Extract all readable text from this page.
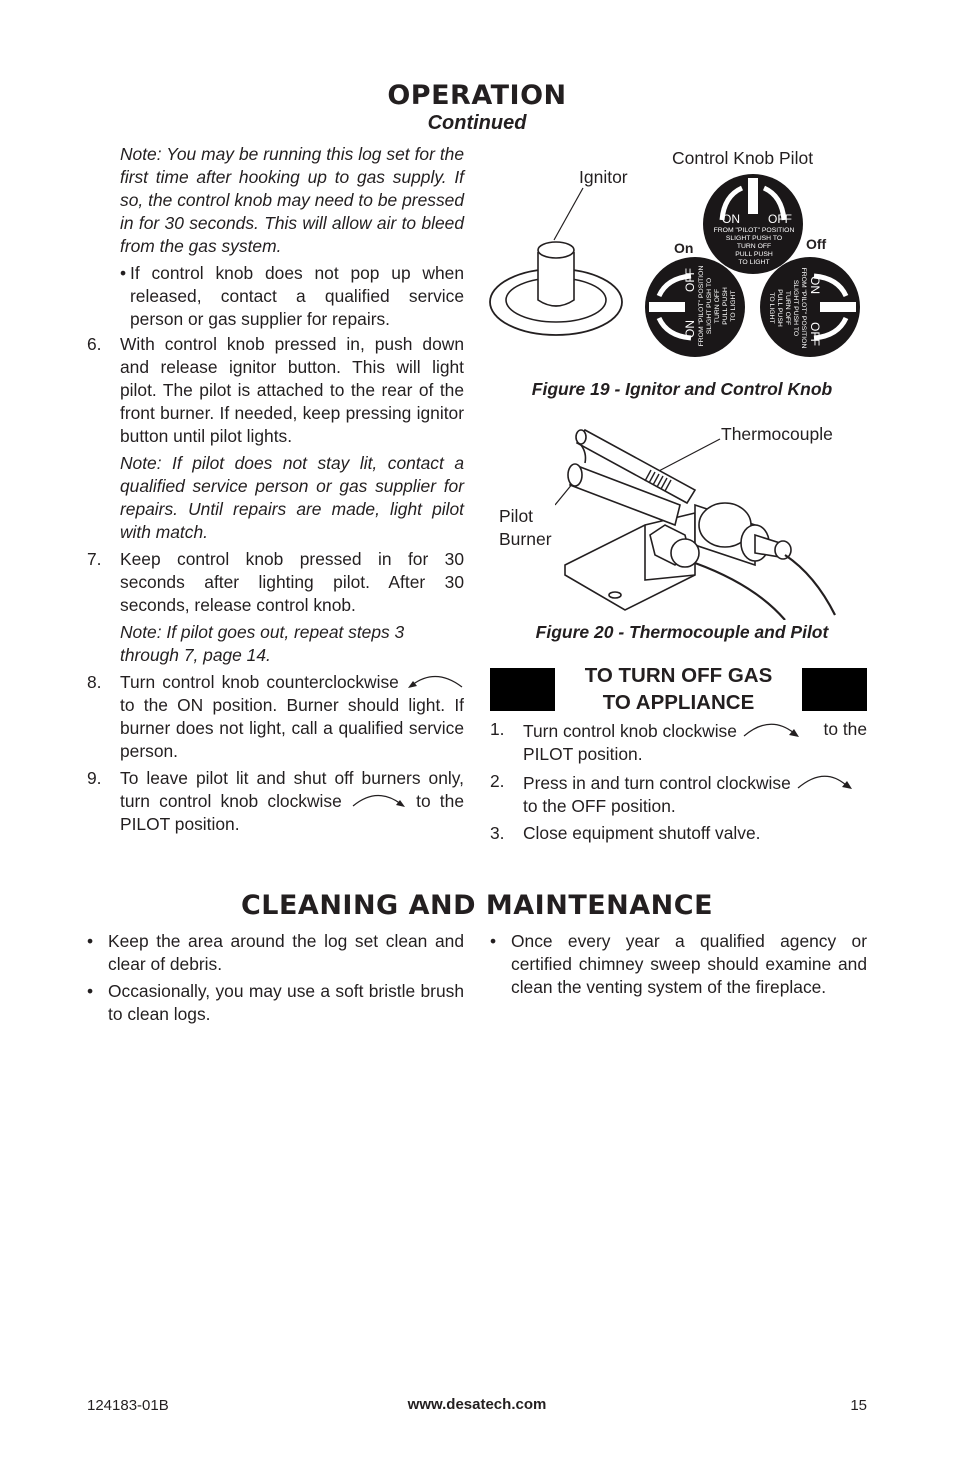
OPERATION
Continued
Note: You may be running this log set for the first time after hooking up to gas supply. If so, the control knob may need to be pressed in for 30 seconds. This will allow air to bleed from the gas system.
• If control knob does not pop up when released, contact a qualified service person or gas supplier for repairs.
6. With control knob pressed in, push down and release ignitor button. This will light pilot. The pilot is attached to the rear of the front burner. If needed, keep pressing ignitor button until pilot lights.
Note: If pilot does not stay lit, contact a qualified service person or gas supplier for repairs. Until repairs are made, light pilot with match.
7. Keep control knob pressed in for 30 seconds after lighting pilot. After 30 seconds, release control knob.
Note: If pilot goes out, repeat steps 3 through 7, page 14.
8. Turn control knob counterclockwise  to the ON position. Burner should light. If burner does not light, call a qualified service person.
9. To leave pilot lit and shut off burners only, turn control knob clockwise	to the PILOT position.
Ignitor
Control Knob Pilot
On	Off
ON OFF
FROM "PILOT" POSITION
SLIGHT PUSH TO
TURN OFF
PULL PUSH
TO LIGHT
ON
OFF FROM "PILOT" POSITION SLIGHT PUSH TO TURN OFF PULL PUSH TO LIGHT
ON
OFF
FROM "PILOT" POSITION
SLIGHT PUSH TO
TURN OFF
PULL PUSH
TO LIGHT
Figure 19 - Ignitor and Control Knob
Thermocouple
Pilot
Burner
Figure 20 - Thermocouple and Pilot
TO TURN OFF GAS
TO APPLIANCE
1. Turn control knob clockwise	to the
PILOT position.
2. Press in and turn control clockwise
to the OFF position.
3. Close equipment shutoff valve.
CLEANING AND MAINTENANCE
• Keep the area around the log set clean and clear of debris.
• Occasionally, you may use a soft bristle brush to clean logs.
• Once every year a qualified agency or certified chimney sweep should examine and clean the venting system of the fireplace.
124183-01B	www.desatech.com	15
